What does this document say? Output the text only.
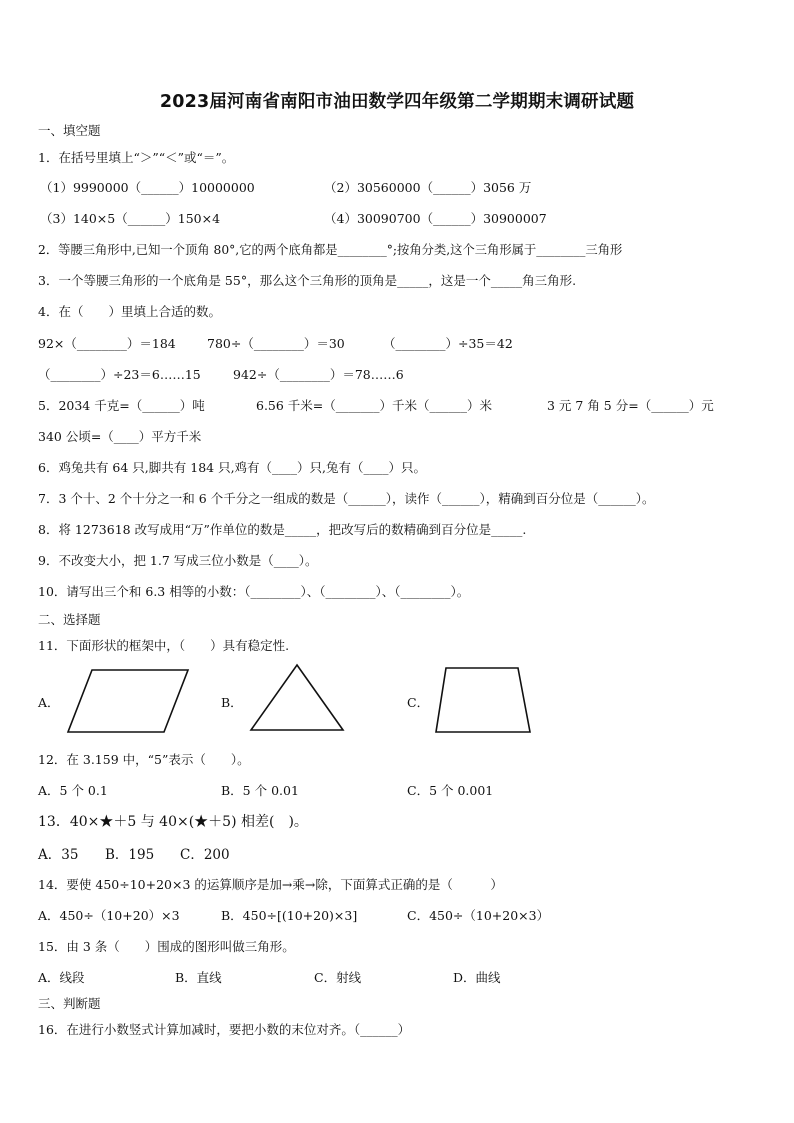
2023届河南省南阳市油田数学四年级第二学期期末调研试题
一、填空题
1．在括号里填上“＞”“＜”或“＝”。
（1）9990000（______）10000000	（2）30560000（______）3056 万
（3）140×5（______）150×4	（4）30090700（______）30900007
2．等腰三角形中,已知一个顶角 80°,它的两个底角都是________°;按角分类,这个三角形属于________三角形
3．一个等腰三角形的一个底角是 55°，那么这个三角形的顶角是_____，这是一个_____角三角形.
4．在（　　）里填上合适的数。
92×（________）＝184	780÷（________）＝30	（________）÷35＝42
（________）÷23＝6……15	942÷（________）＝78……6
5．2034 千克=（______）吨	6.56 千米=（_______）千米（______）米	3 元 7 角 5 分=（______）元
340 公顷=（____）平方千米
6．鸡兔共有 64 只,脚共有 184 只,鸡有（____）只,兔有（____）只。
7．3 个十、2 个十分之一和 6 个千分之一组成的数是（______），读作（______），精确到百分位是（______）。
8．将 1273618 改写成用“万”作单位的数是_____，把改写后的数精确到百分位是_____.
9．不改变大小，把 1.7 写成三位小数是（____）。
10．请写出三个和 6.3 相等的小数：（________）、（________）、（________）。
二、选择题
11．下面形状的框架中，（　　）具有稳定性.
A．	B．	C．
12．在 3.159 中，“5”表示（　　）。
A．5 个 0.1	B．5 个 0.01	C．5 个 0.001
13．40×★＋5 与 40×(★＋5) 相差(　)。
A．35 B．195 C．200
14．要使 450÷10+20×3 的运算顺序是加→乘→除，下面算式正确的是（　　　）
A．450÷（10+20）×3	B．450÷[(10+20)×3]	C．450÷（10+20×3）
15．由 3 条（　　）围成的图形叫做三角形。
A．线段	B．直线	C．射线	D．曲线
三、判断题
16．在进行小数竖式计算加减时，要把小数的末位对齐。（______）
